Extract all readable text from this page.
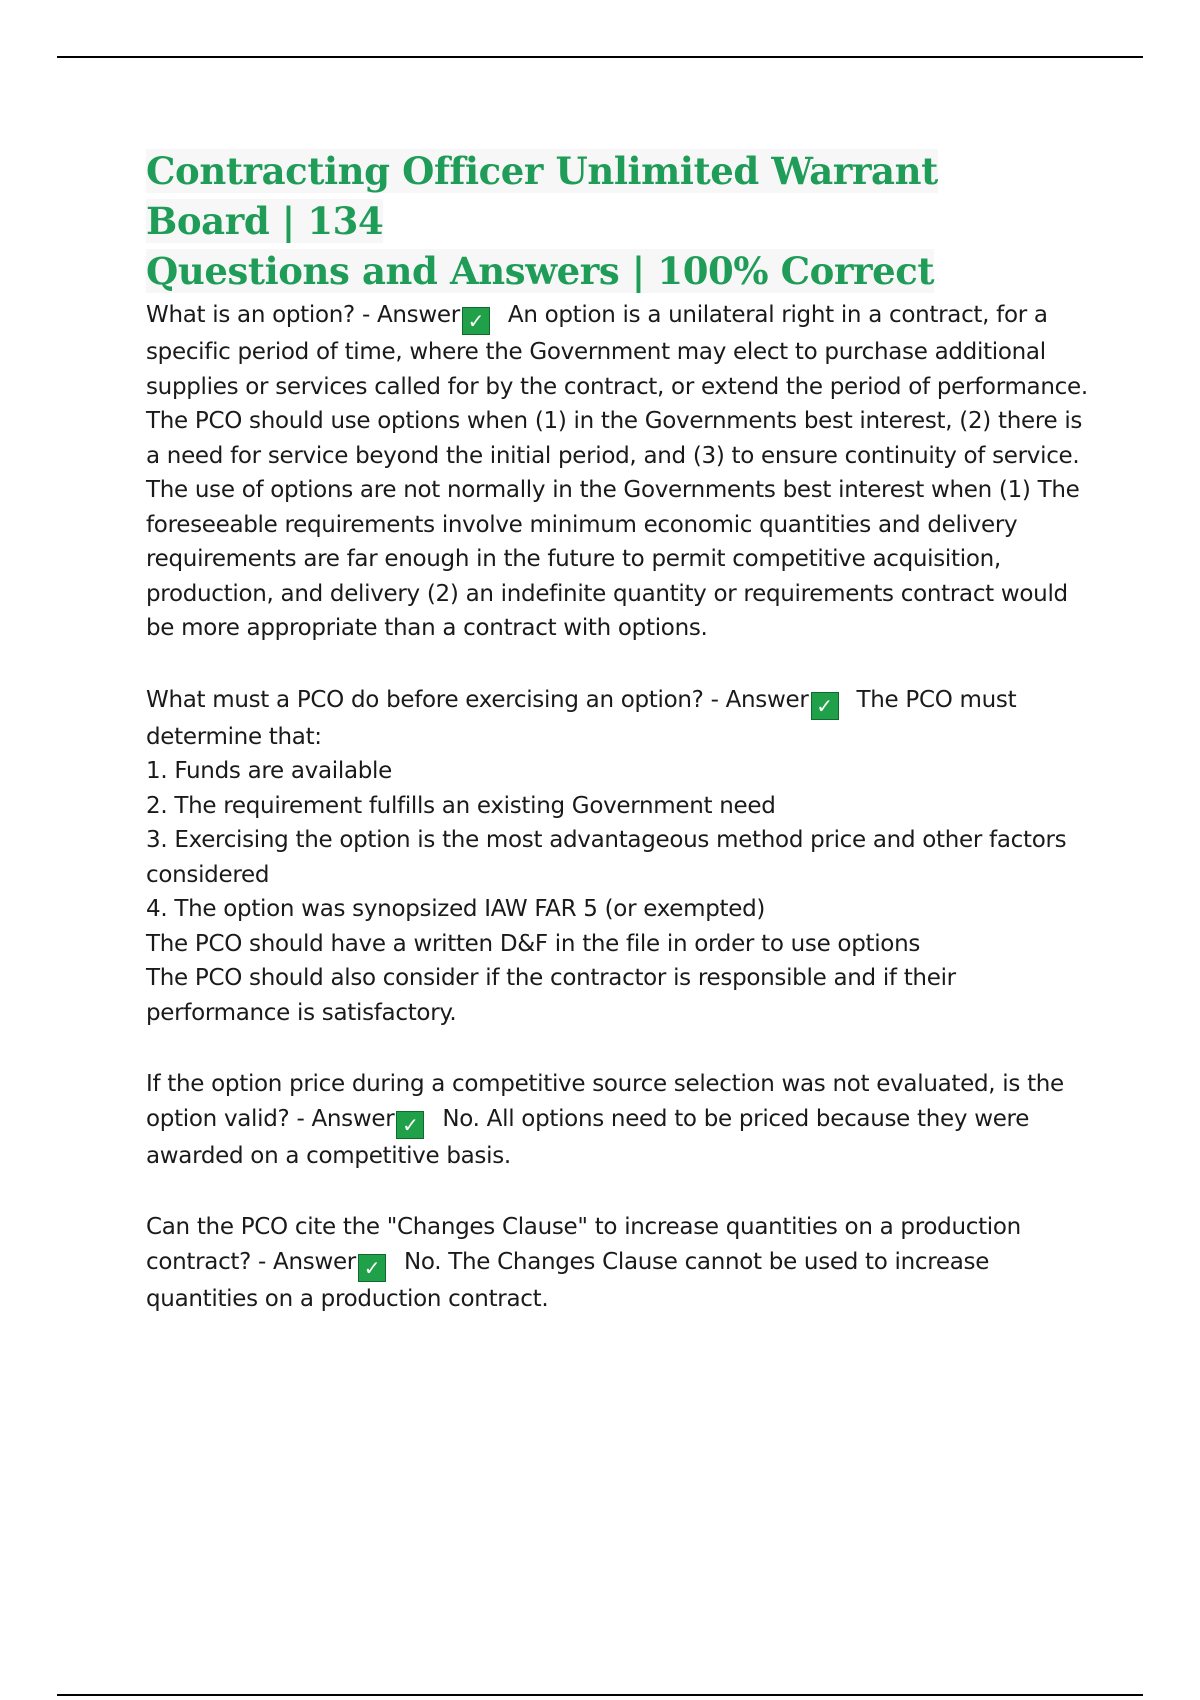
Contracting Officer Unlimited Warrant Board | 134
Questions and Answers | 100% Correct

What is an option? - Answer ✓ An option is a unilateral right in a contract, for a specific period of time, where the Government may elect to purchase additional supplies or services called for by the contract, or extend the period of performance.
The PCO should use options when (1) in the Governments best interest, (2) there is a need for service beyond the initial period, and (3) to ensure continuity of service.
The use of options are not normally in the Governments best interest when (1) The foreseeable requirements involve minimum economic quantities and delivery requirements are far enough in the future to permit competitive acquisition, production, and delivery (2) an indefinite quantity or requirements contract would be more appropriate than a contract with options.

What must a PCO do before exercising an option? - Answer ✓ The PCO must determine that:
1. Funds are available
2. The requirement fulfills an existing Government need
3. Exercising the option is the most advantageous method price and other factors considered
4. The option was synopsized IAW FAR 5 (or exempted)
The PCO should have a written D&F in the file in order to use options
The PCO should also consider if the contractor is responsible and if their performance is satisfactory.

If the option price during a competitive source selection was not evaluated, is the option valid? - Answer ✓ No. All options need to be priced because they were awarded on a competitive basis.

Can the PCO cite the "Changes Clause" to increase quantities on a production contract? - Answer ✓ No. The Changes Clause cannot be used to increase quantities on a production contract.
